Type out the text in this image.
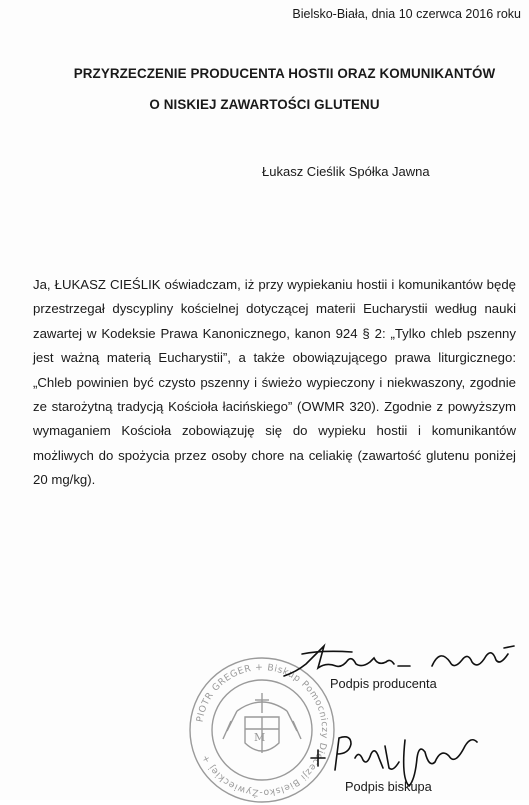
Bielsko-Biała, dnia 10 czerwca 2016 roku
PRZYRZECZENIE PRODUCENTA HOSTII ORAZ KOMUNIKANTÓW
O NISKIEJ ZAWARTOŚCI GLUTENU
Łukasz Cieślik Spółka Jawna
Ja, ŁUKASZ CIEŚLIK oświadczam, iż przy wypiekaniu hostii i komunikantów będę przestrzegał dyscypliny kościelnej dotyczącej materii Eucharystii według nauki zawartej w Kodeksie Prawa Kanonicznego, kanon 924 § 2: „Tylko chleb pszenny jest ważną materią Eucharystii”, a także obowiązującego prawa liturgicznego: „Chleb powinien być czysto pszenny i świeżo wypieczony i niekwaszony, zgodnie ze starożytną tradycją Kościoła łacińskiego” (OWMR 320). Zgodnie z powyższym wymaganiem Kościoła zobowiązuję się do wypieku hostii i komunikantów możliwych do spożycia przez osoby chore na celiakię (zawartość glutenu poniżej 20 mg/kg).
M
PIOTR GREGER + Biskup Pomocniczy Diecezji Bielsko-Żywieckiej +
Podpis producenta
Podpis biskupa
